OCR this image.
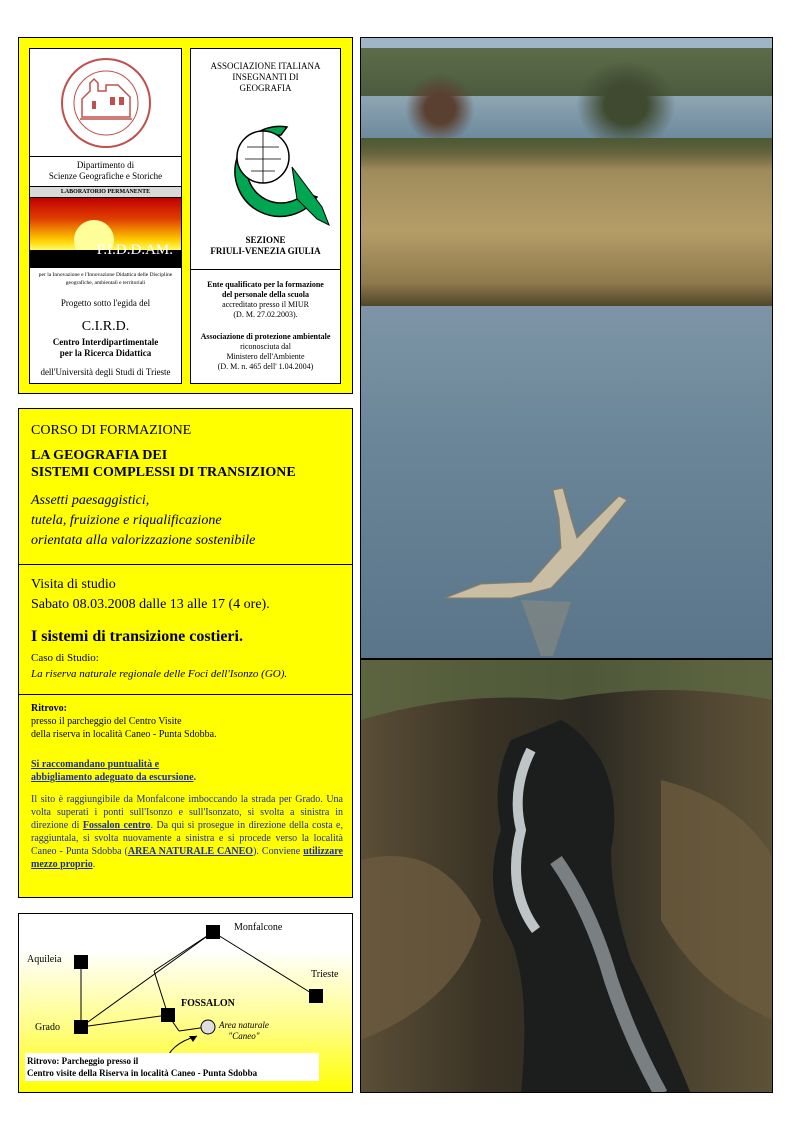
Dipartimento di
Scienze Geografiche e Storiche
LABORATORIO PERMANENTE
P.I.D.D.AM.
per la Innovazione e l'Innovazione Didattica delle Discipline geografiche, ambientali e territoriali
Progetto sotto l'egida del
C.I.R.D.
Centro Interdipartimentale
per la Ricerca Didattica
dell'Università degli Studi di Trieste
ASSOCIAZIONE ITALIANA
INSEGNANTI DI
GEOGRAFIA
SEZIONE
FRIULI-VENEZIA GIULIA
Ente qualificato per la formazione
del personale della scuola
accreditato presso il MIUR
(D. M. 27.02.2003).
Associazione di protezione ambientale
riconosciuta dal
Ministero dell'Ambiente
(D. M. n. 465 dell' 1.04.2004)
CORSO DI FORMAZIONE
LA GEOGRAFIA DEI
SISTEMI COMPLESSI DI TRANSIZIONE
Assetti paesaggistici,
tutela, fruizione e riqualificazione
orientata alla valorizzazione sostenibile
Visita di studio
Sabato 08.03.2008 dalle 13 alle 17 (4 ore).
I sistemi di transizione costieri.
Caso di Studio:
La riserva naturale regionale delle Foci dell'Isonzo (GO).
Ritrovo:
presso il parcheggio del Centro Visite
della riserva in località Caneo - Punta Sdobba.
Si raccomandano puntualità e
abbigliamento adeguato da escursione.
Il sito è raggiungibile da Monfalcone imboccando la strada per Grado. Una volta superati i ponti sull'Isonzo e sull'Isonzato, si svolta a sinistra in direzione di Fossalon centro. Da qui si prosegue in direzione della costa e, raggiuntala, si svolta nuovamente a sinistra e si procede verso la località Caneo - Punta Sdobba (AREA NATURALE CANEO). Conviene utilizzare mezzo proprio.
Monfalcone
Aquileia
Trieste
FOSSALON
Grado	Area naturale
"Caneo"
Ritrovo: Parcheggio presso il
Centro visite della Riserva in località Caneo - Punta Sdobba
